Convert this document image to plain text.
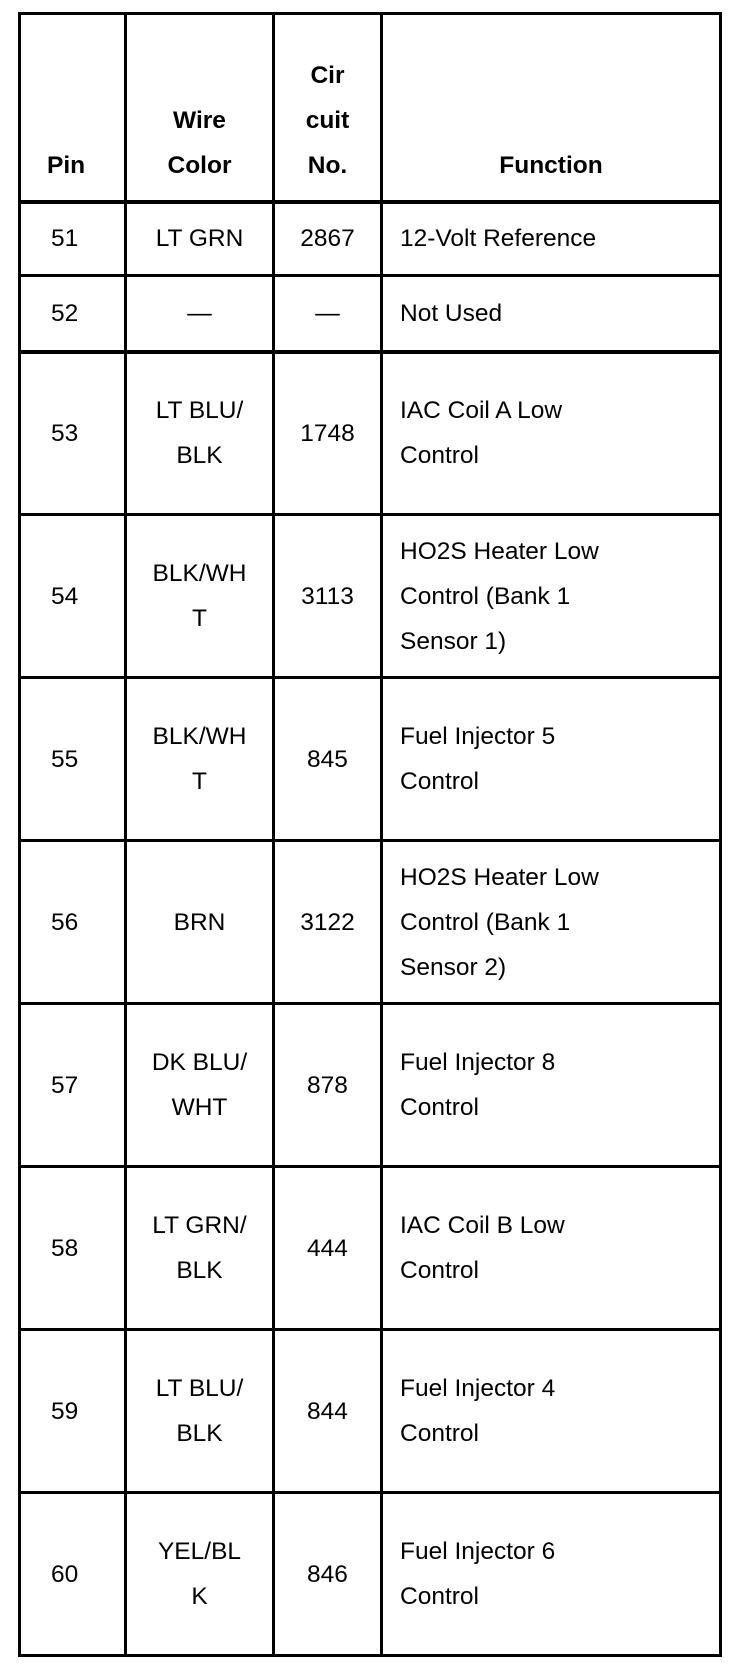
Pin	Wire Color	Cir cuit No.	Function
51	LT GRN	2867	12-Volt Reference

52	—	—	Not Used

53	LT BLU/BLK	1748	IAC Coil A Low Control

54	BLK/WHT	3113	HO2S Heater Low Control (Bank 1 Sensor 1)

55	BLK/WHT	845	Fuel Injector 5 Control

56	BRN	3122	HO2S Heater Low Control (Bank 1 Sensor 2)

57	DK BLU/WHT	878	Fuel Injector 8 Control

58	LT GRN/BLK	444	IAC Coil B Low Control

59	LT BLU/BLK	844	Fuel Injector 4 Control

60	YEL/BLK	846	Fuel Injector 6 Control
